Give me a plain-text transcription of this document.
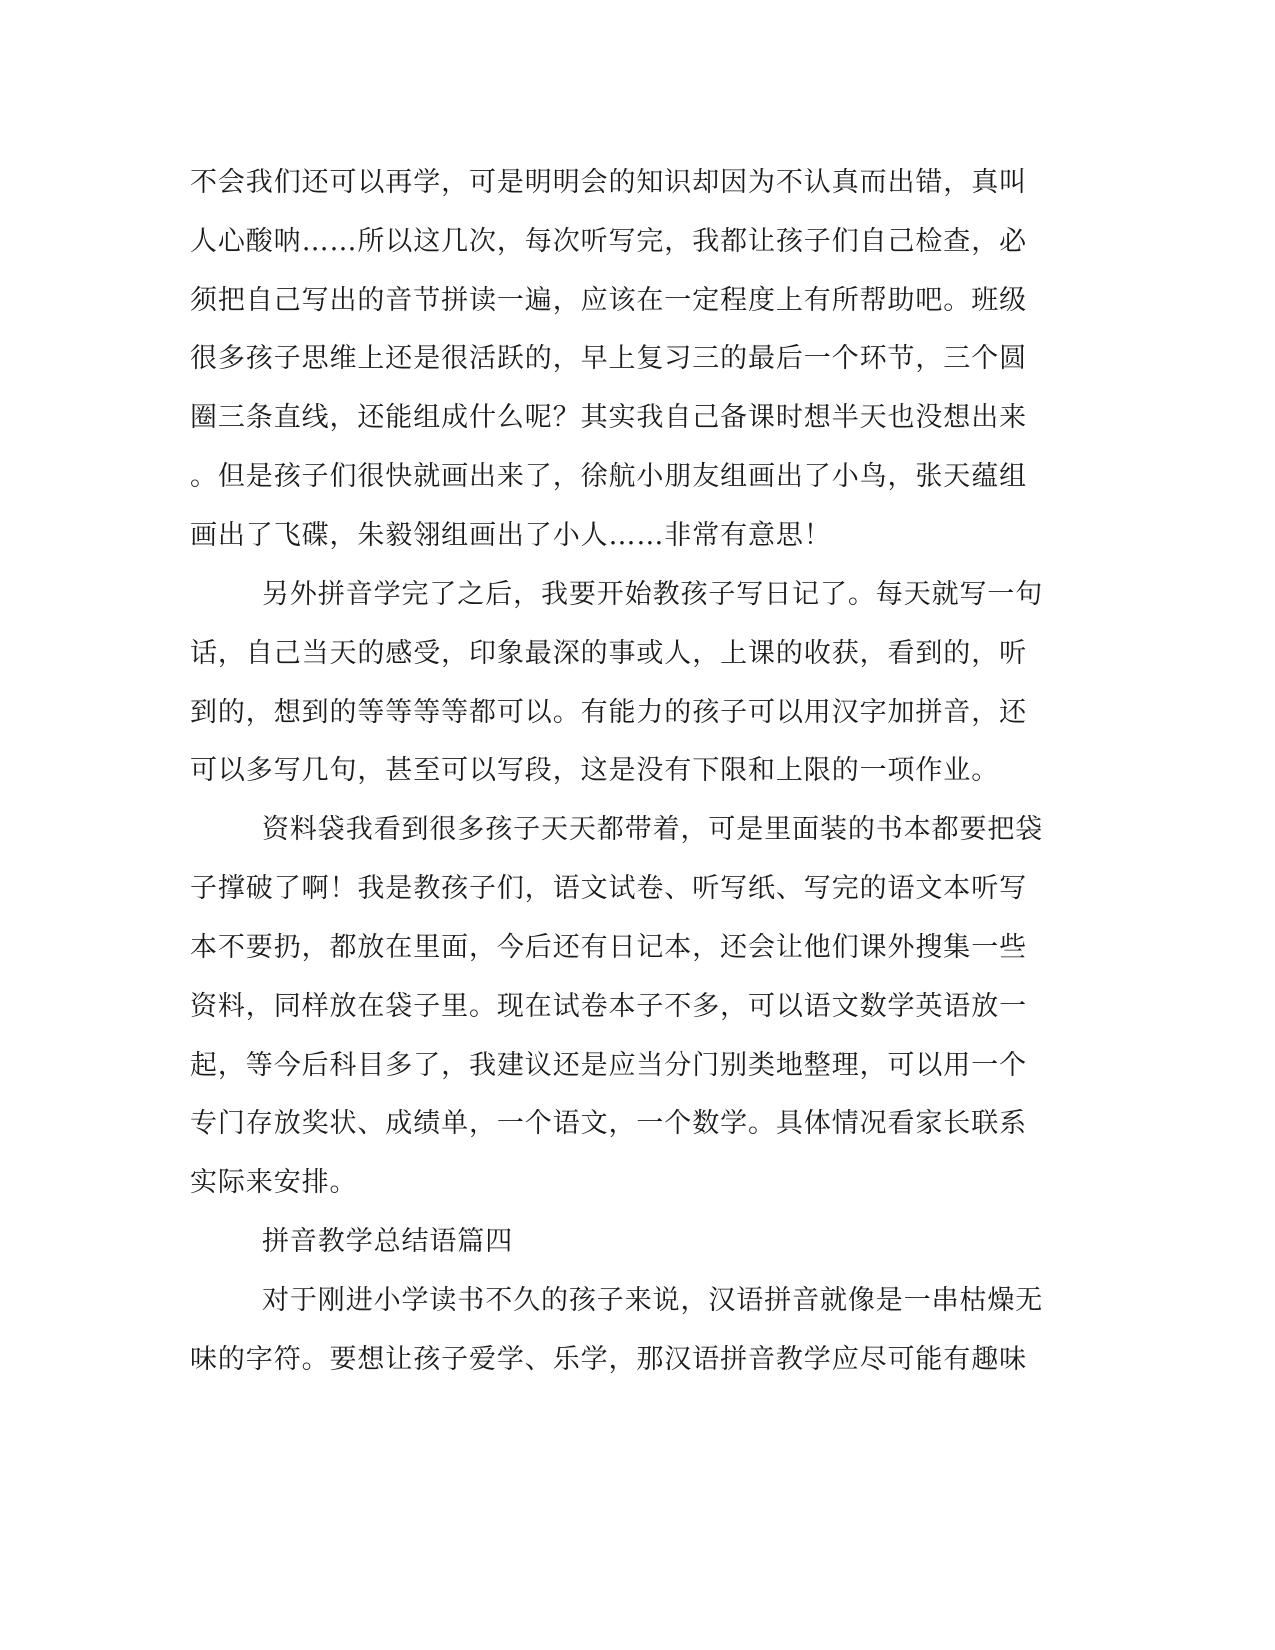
不会我们还可以再学，可是明明会的知识却因为不认真而出错，真叫

人心酸呐……所以这几次，每次听写完，我都让孩子们自己检查，必

须把自己写出的音节拼读一遍，应该在一定程度上有所帮助吧。班级

很多孩子思维上还是很活跃的，早上复习三的最后一个环节，三个圆

圈三条直线，还能组成什么呢？其实我自己备课时想半天也没想出来

。但是孩子们很快就画出来了，徐航小朋友组画出了小鸟，张天蕴组

画出了飞碟，朱毅翎组画出了小人……非常有意思！

另外拼音学完了之后，我要开始教孩子写日记了。每天就写一句

话，自己当天的感受，印象最深的事或人，上课的收获，看到的，听

到的，想到的等等等等都可以。有能力的孩子可以用汉字加拼音，还

可以多写几句，甚至可以写段，这是没有下限和上限的一项作业。

资料袋我看到很多孩子天天都带着，可是里面装的书本都要把袋

子撑破了啊！我是教孩子们，语文试卷、听写纸、写完的语文本听写

本不要扔，都放在里面，今后还有日记本，还会让他们课外搜集一些

资料，同样放在袋子里。现在试卷本子不多，可以语文数学英语放一

起，等今后科目多了，我建议还是应当分门别类地整理，可以用一个

专门存放奖状、成绩单，一个语文，一个数学。具体情况看家长联系

实际来安排。

拼音教学总结语篇四

对于刚进小学读书不久的孩子来说，汉语拼音就像是一串枯燥无

味的字符。要想让孩子爱学、乐学，那汉语拼音教学应尽可能有趣味
